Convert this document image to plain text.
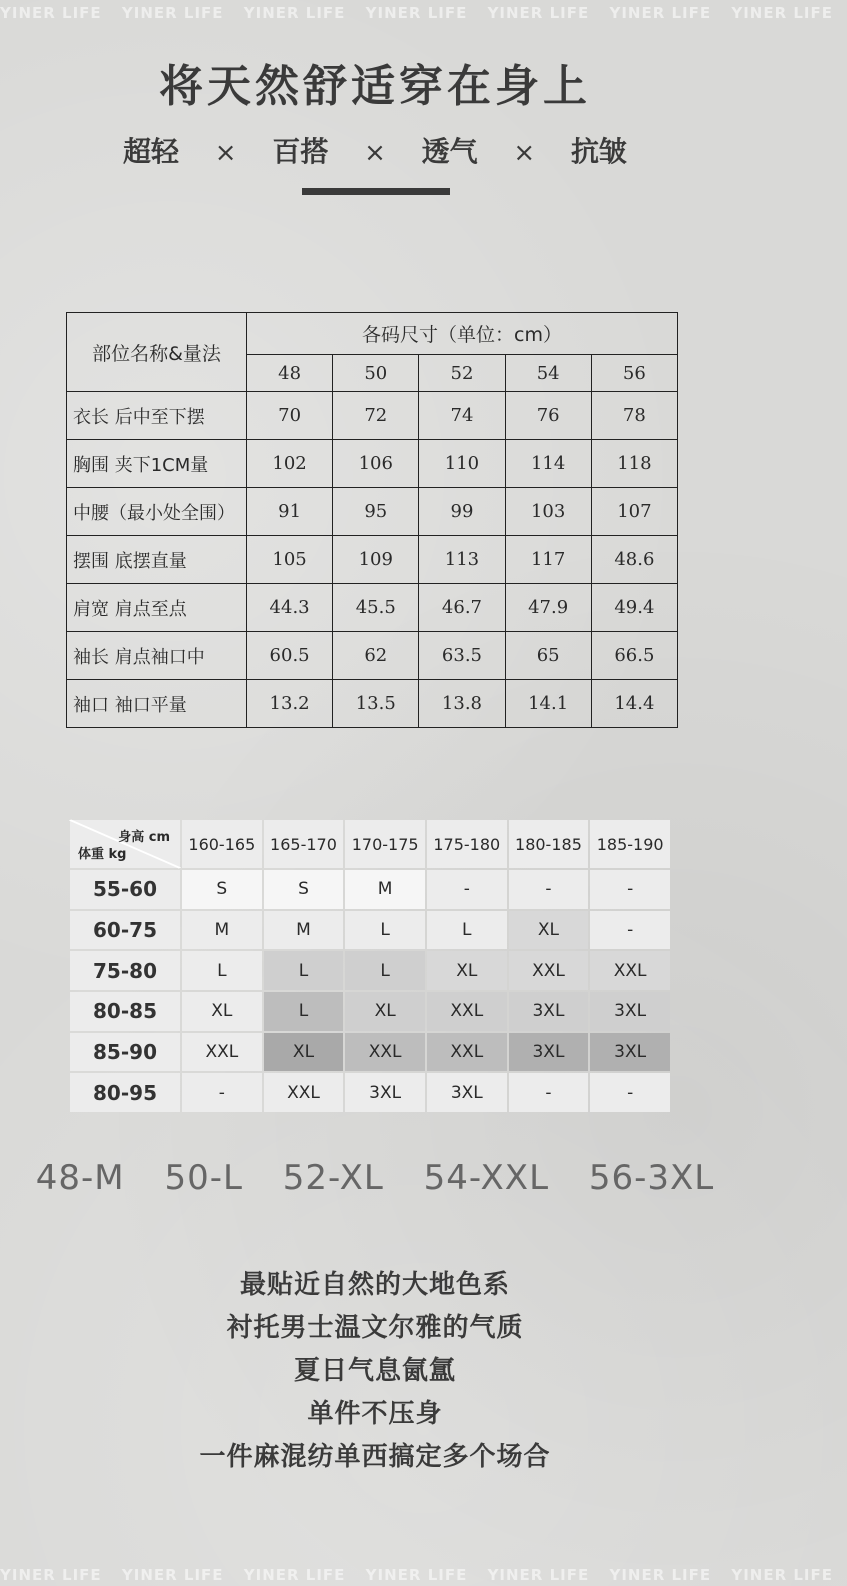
YINER LIFE YINER LIFE YINER LIFE YINER LIFE YINER LIFE YINER LIFE YINER LIFE
将天然舒适穿在身上
超轻 × 百搭 × 透气 × 抗皱
部位名称&量法	各码尺寸（单位：cm）				
	48	50	52	54	56
衣长 后中至下摆	70	72	74	76	78
胸围 夹下1CM量	102	106	110	114	118
中腰（最小处全围）	91	95	99	103	107
摆围 底摆直量	105	109	113	117	48.6
肩宽 肩点至点	44.3	45.5	46.7	47.9	49.4
袖长 肩点袖口中	60.5	62	63.5	65	66.5
袖口 袖口平量	13.2	13.5	13.8	14.1	14.4
身高 cm
体重 kg	160-165	165-170	170-175	175-180	180-185	185-190
55-60	S	S	M	-	-	-
60-75	M	M	L	L	XL	-
75-80	L	L	L	XL	XXL	XXL
80-85	XL	L	XL	XXL	3XL	3XL
85-90	XXL	XL	XXL	XXL	3XL	3XL
80-95	-	XXL	3XL	3XL	-	-
48-M 50-L 52-XL 54-XXL 56-3XL
最贴近自然的大地色系
衬托男士温文尔雅的气质
夏日气息氤氲
单件不压身
一件麻混纺单西搞定多个场合
YINER LIFE YINER LIFE YINER LIFE YINER LIFE YINER LIFE YINER LIFE YINER LIFE
